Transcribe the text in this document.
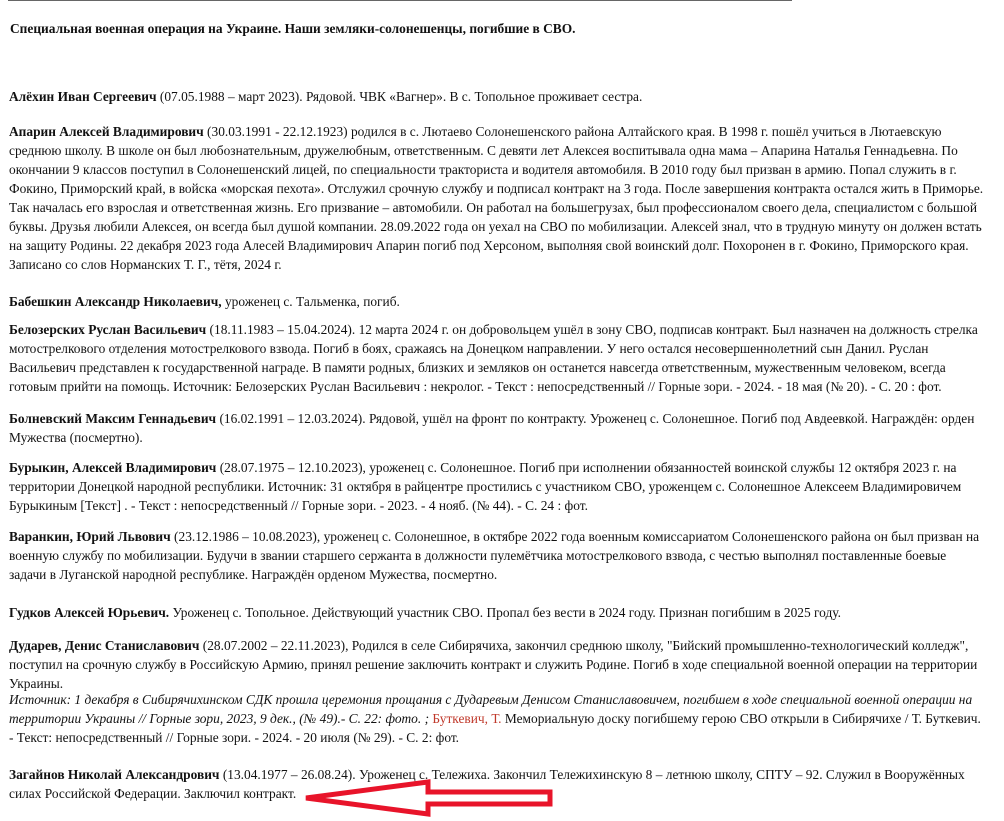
Специальная военная операция на Украине. Наши земляки-солонешенцы, погибшие в СВО.
Алёхин Иван Сергеевич (07.05.1988 – март 2023). Рядовой. ЧВК «Вагнер». В с. Топольное проживает сестра.
Апарин Алексей Владимирович (30.03.1991 - 22.12.1923) родился в с. Лютаево Солонешенского района Алтайского края. В 1998 г. пошёл учиться в Лютаевскую среднюю школу. В школе он был любознательным, дружелюбным, ответственным. С девяти лет Алексея воспитывала одна мама – Апарина Наталья Геннадьевна. По окончании 9 классов поступил в Солонешенский лицей, по специальности тракториста и водителя автомобиля. В 2010 году был призван в армию. Попал служить в г. Фокино, Приморский край, в войска «морская пехота». Отслужил срочную службу и подписал контракт на 3 года. После завершения контракта остался жить в Приморье. Так началась его взрослая и ответственная жизнь. Его призвание – автомобили. Он работал на большегрузах, был профессионалом своего дела, специалистом с большой буквы. Друзья любили Алексея, он всегда был душой компании. 28.09.2022 года он уехал на СВО по мобилизации. Алексей знал, что в трудную минуту он должен встать на защиту Родины. 22 декабря 2023 года Алесей Владимирович Апарин погиб под Херсоном, выполняя свой воинский долг. Похоронен в г. Фокино, Приморского края. Записано со слов Норманских Т. Г., тётя, 2024 г.
Бабешкин Александр Николаевич, уроженец с. Тальменка, погиб.
Белозерских Руслан Васильевич (18.11.1983 – 15.04.2024). 12 марта 2024 г. он добровольцем ушёл в зону СВО, подписав контракт. Был назначен на должность стрелка мотострелкового отделения мотострелкового взвода. Погиб в боях, сражаясь на Донецком направлении. У него остался несовершеннолетний сын Данил. Руслан Васильевич представлен к государственной награде. В памяти родных, близких и земляков он останется навсегда ответственным, мужественным человеком, всегда готовым прийти на помощь. Источник: Белозерских Руслан Васильевич : некролог. - Текст : непосредственный // Горные зори. - 2024. - 18 мая (№ 20). - С. 20 : фот.
Болневский Максим Геннадьевич (16.02.1991 – 12.03.2024). Рядовой, ушёл на фронт по контракту. Уроженец с. Солонешное. Погиб под Авдеевкой. Награждён: орден Мужества (посмертно).
Бурыкин, Алексей Владимирович (28.07.1975 – 12.10.2023), уроженец с. Солонешное. Погиб при исполнении обязанностей воинской службы 12 октября 2023 г. на территории Донецкой народной республики. Источник: 31 октября в райцентре простились с участником СВО, уроженцем с. Солонешное Алексеем Владимировичем Бурыкиным [Текст] . - Текст : непосредственный // Горные зори. - 2023. - 4 нояб. (№ 44). - С. 24 : фот.
Варанкин, Юрий Львович (23.12.1986 – 10.08.2023), уроженец с. Солонешное, в октябре 2022 года военным комиссариатом Солонешенского района он был призван на военную службу по мобилизации. Будучи в звании старшего сержанта в должности пулемётчика мотострелкового взвода, с честью выполнял поставленные боевые задачи в Луганской народной республике. Награждён орденом Мужества, посмертно.
Гудков Алексей Юрьевич. Уроженец с. Топольное. Действующий участник СВО. Пропал без вести в 2024 году. Признан погибшим в 2025 году.
Дударев, Денис Станиславович (28.07.2002 – 22.11.2023), Родился в селе Сибирячиха, закончил среднюю школу, "Бийский промышленно-технологический колледж", поступил на срочную службу в Российскую Армию, принял решение заключить контракт и служить Родине. Погиб в ходе специальной военной операции на территории Украины.
Источник: 1 декабря в Сибирячихинском СДК прошла церемония прощания с Дударевым Денисом Станиславовичем, погибшем в ходе специальной военной операции на территории Украины // Горные зори, 2023, 9 дек., (№ 49).- С. 22: фото. ; Буткевич, Т. Мемориальную доску погибшему герою СВО открыли в Сибирячихе / Т. Буткевич. - Текст: непосредственный // Горные зори. - 2024. - 20 июля (№ 29). - С. 2: фот.
Загайнов Николай Александрович (13.04.1977 – 26.08.24). Уроженец с. Тележиха. Закончил Тележихинскую 8 – летнюю школу, СПТУ – 92. Служил в Вооружённых силах Российской Федерации. Заключил контракт.
